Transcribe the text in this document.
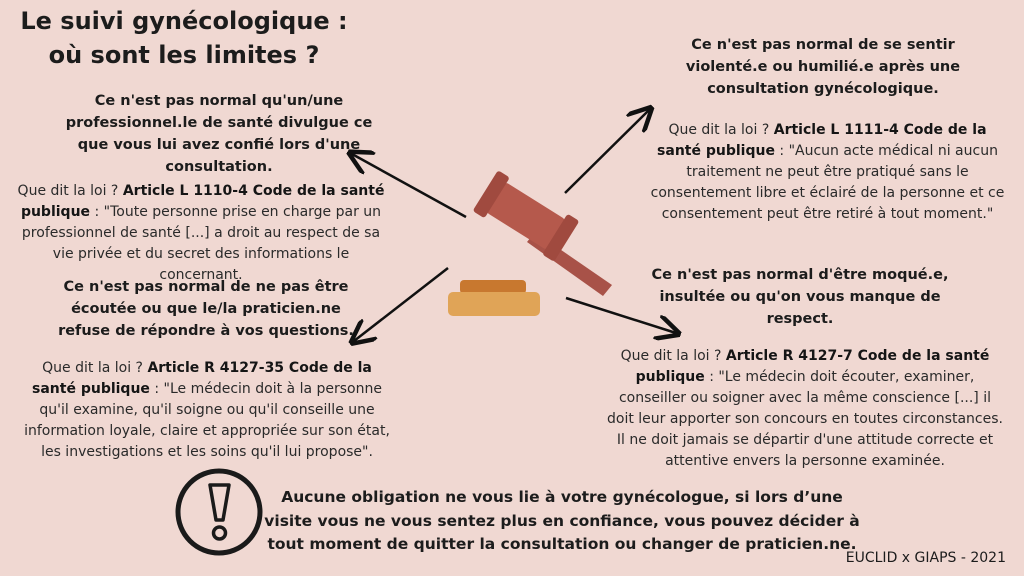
Le suivi gynécologique :
où sont les limites ?
Ce n'est pas normal qu'un/une professionnel.le de santé divulgue ce que vous lui avez confié lors d'une consultation.
Que dit la loi ? Article L 1110-4 Code de la santé publique : "Toute personne prise en charge par un professionnel de santé [...] a droit au respect de sa vie privée et du secret des informations le concernant.
Ce n'est pas normal de ne pas être écoutée ou que le/la praticien.ne refuse de répondre à vos questions.
Que dit la loi ? Article R 4127-35 Code de la santé publique : "Le médecin doit à la personne qu'il examine, qu'il soigne ou qu'il conseille une information loyale, claire et appropriée sur son état, les investigations et les soins qu'il lui propose".
Ce n'est pas normal de se sentir violenté.e ou humilié.e après une consultation gynécologique.
Que dit la loi ? Article L 1111-4 Code de la santé publique : "Aucun acte médical ni aucun traitement ne peut être pratiqué sans le consentement libre et éclairé de la personne et ce consentement peut être retiré à tout moment."
Ce n'est pas normal d'être moqué.e, insultée ou qu'on vous manque de respect.
Que dit la loi ? Article R 4127-7 Code de la santé publique : "Le médecin doit écouter, examiner, conseiller ou soigner avec la même conscience [...] il doit leur apporter son concours en toutes circonstances. Il ne doit jamais se départir d'une attitude correcte et attentive envers la personne examinée.
Aucune obligation ne vous lie à votre gynécologue, si lors d’une visite vous ne vous sentez plus en confiance, vous pouvez décider à tout moment de quitter la consultation ou changer de praticien.ne.
EUCLID x GIAPS - 2021
